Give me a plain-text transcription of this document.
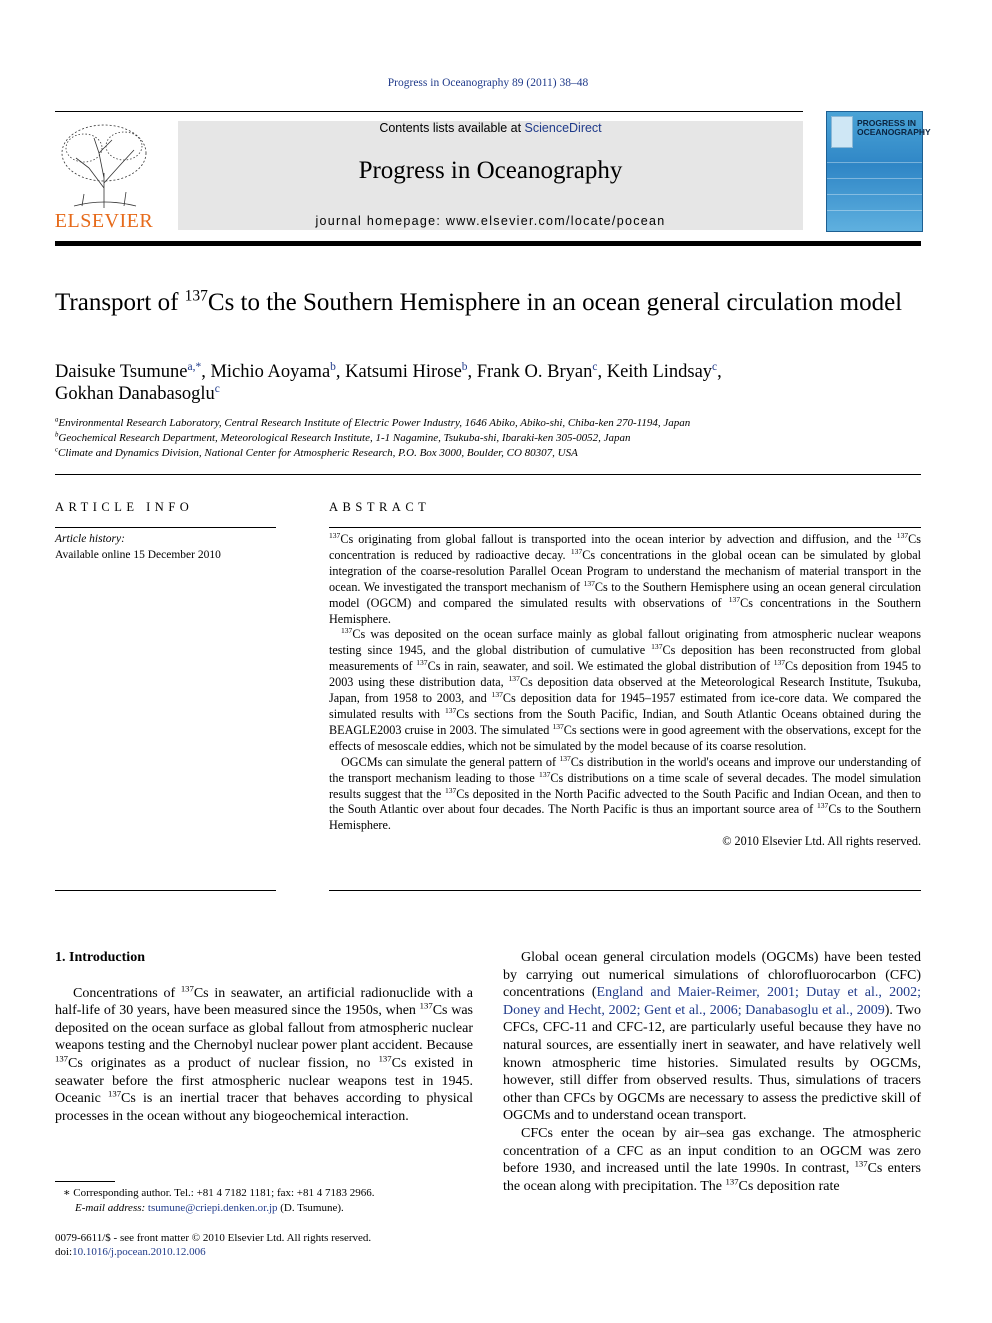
Progress in Oceanography 89 (2011) 38–48
ELSEVIER
Contents lists available at ScienceDirect
Progress in Oceanography
journal homepage: www.elsevier.com/locate/pocean
PROGRESS IN OCEANOGRAPHY
Transport of $^{137}$Cs to the Southern Hemisphere in an ocean general circulation model
Daisuke Tsumune$^{a,*}$, Michio Aoyama$^b$, Katsumi Hirose$^b$, Frank O. Bryan$^c$, Keith Lindsay$^c$,
Gokhan Danabasoglu$^c$
$^a$Environmental Research Laboratory, Central Research Institute of Electric Power Industry, 1646 Abiko, Abiko-shi, Chiba-ken 270-1194, Japan
$^b$Geochemical Research Department, Meteorological Research Institute, 1-1 Nagamine, Tsukuba-shi, Ibaraki-ken 305-0052, Japan
$^c$Climate and Dynamics Division, National Center for Atmospheric Research, P.O. Box 3000, Boulder, CO 80307, USA
ARTICLE INFO	ABSTRACT
Article history:
Available online 15 December 2010

$^{137}$Cs originating from global fallout is transported into the ocean interior by advection and diffusion, and the $^{137}$Cs concentration is reduced by radioactive decay. $^{137}$Cs concentrations in the global ocean can be simulated by global integration of the coarse-resolution Parallel Ocean Program to understand the mechanism of material transport in the ocean. We investigated the transport mechanism of $^{137}$Cs to the Southern Hemisphere using an ocean general circulation model (OGCM) and compared the simulated results with observations of $^{137}$Cs concentrations in the Southern Hemisphere.

$^{137}$Cs was deposited on the ocean surface mainly as global fallout originating from atmospheric nuclear weapons testing since 1945, and the global distribution of cumulative $^{137}$Cs deposition has been reconstructed from global measurements of $^{137}$Cs in rain, seawater, and soil. We estimated the global distribution of $^{137}$Cs deposition from 1945 to 2003 using these distribution data, $^{137}$Cs deposition data observed at the Meteorological Research Institute, Tsukuba, Japan, from 1958 to 2003, and $^{137}$Cs deposition data for 1945–1957 estimated from ice-core data. We compared the simulated results with $^{137}$Cs sections from the South Pacific, Indian, and South Atlantic Oceans obtained during the BEAGLE2003 cruise in 2003. The simulated $^{137}$Cs sections were in good agreement with the observations, except for the effects of mesoscale eddies, which not be simulated by the model because of its coarse resolution.

OGCMs can simulate the general pattern of $^{137}$Cs distribution in the world's oceans and improve our understanding of the transport mechanism leading to those $^{137}$Cs distributions on a time scale of several decades. The model simulation results suggest that the $^{137}$Cs deposited in the North Pacific advected to the South Pacific and Indian Ocean, and then to the South Atlantic over about four decades. The North Pacific is thus an important source area of $^{137}$Cs to the Southern Hemisphere.

© 2010 Elsevier Ltd. All rights reserved.

1. Introduction

Concentrations of $^{137}$Cs in seawater, an artificial radionuclide with a half-life of 30 years, have been measured since the 1950s, when $^{137}$Cs was deposited on the ocean surface as global fallout from atmospheric nuclear weapons testing and the Chernobyl nuclear power plant accident. Because $^{137}$Cs originates as a product of nuclear fission, no $^{137}$Cs existed in seawater before the first atmospheric nuclear weapons test in 1945. Oceanic $^{137}$Cs is an inertial tracer that behaves according to physical processes in the ocean without any biogeochemical interaction.

Global ocean general circulation models (OGCMs) have been tested by carrying out numerical simulations of chlorofluorocarbon (CFC) concentrations (England and Maier-Reimer, 2001; Dutay et al., 2002; Doney and Hecht, 2002; Gent et al., 2006; Danabasoglu et al., 2009). Two CFCs, CFC-11 and CFC-12, are particularly useful because they have no natural sources, are essentially inert in seawater, and have relatively well known atmospheric time histories. Simulated results by OGCMs, however, still differ from observed results. Thus, simulations of tracers other than CFCs by OGCMs are necessary to assess the predictive skill of OGCMs and to understand ocean transport.

CFCs enter the ocean by air–sea gas exchange. The atmospheric concentration of a CFC as an input condition to an OGCM was zero before 1930, and increased until the late 1990s. In contrast, $^{137}$Cs enters the ocean along with precipitation. The $^{137}$Cs deposition rate

∗ Corresponding author. Tel.: +81 4 7182 1181; fax: +81 4 7183 2966.
E-mail address: tsumune@criepi.denken.or.jp (D. Tsumune).
0079-6611/$ - see front matter © 2010 Elsevier Ltd. All rights reserved.
doi:10.1016/j.pocean.2010.12.006
